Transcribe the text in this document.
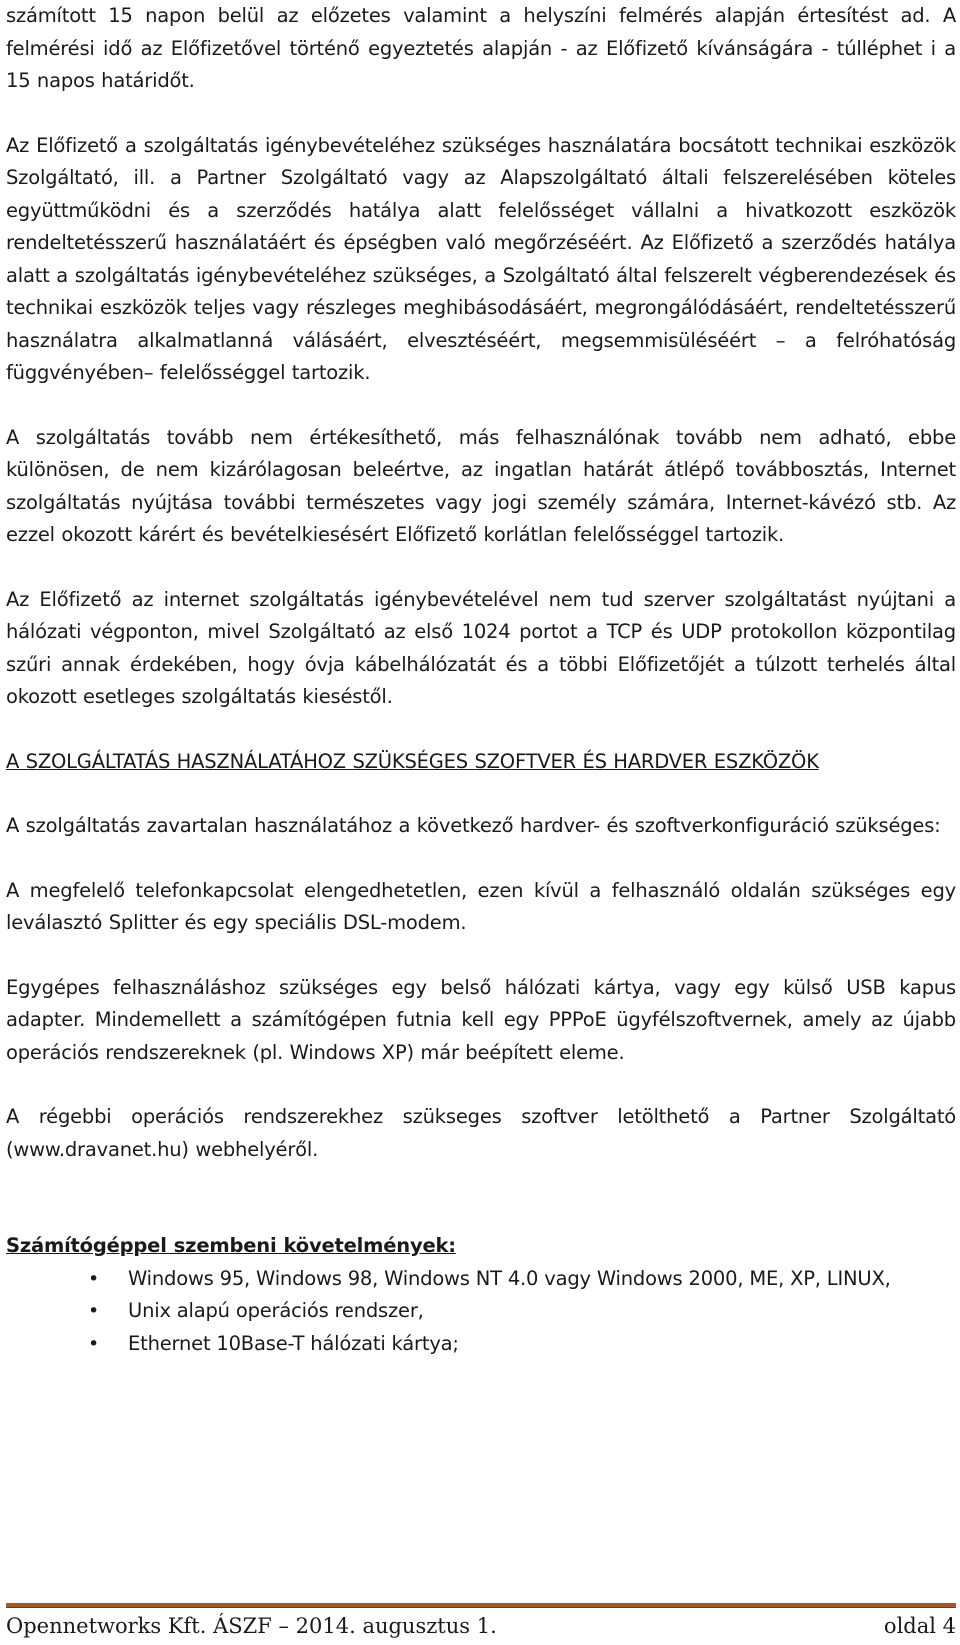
számított 15 napon belül az előzetes valamint a helyszíni felmérés alapján értesítést ad. A felmérési idő az Előfizetővel történő egyeztetés alapján - az Előfizető kívánságára - túlléphet i a 15 napos határidőt.

Az Előfizető a szolgáltatás igénybevételéhez szükséges használatára bocsátott technikai eszközök Szolgáltató, ill. a Partner Szolgáltató vagy az Alapszolgáltató általi felszerelésében köteles együttműködni és a szerződés hatálya alatt felelősséget vállalni a hivatkozott eszközök rendeltetésszerű használatáért és épségben való megőrzéséért. Az Előfizető a szerződés hatálya alatt a szolgáltatás igénybevételéhez szükséges, a Szolgáltató által felszerelt végberendezések és technikai eszközök teljes vagy részleges meghibásodásáért, megrongálódásáért, rendeltetésszerű használatra alkalmatlanná válásáért, elvesztéséért, megsemmisüléséért – a felróhatóság függvényében– felelősséggel tartozik.

A szolgáltatás tovább nem értékesíthető, más felhasználónak tovább nem adható, ebbe különösen, de nem kizárólagosan beleértve, az ingatlan határát átlépő továbbosztás, Internet szolgáltatás nyújtása további természetes vagy jogi személy számára, Internet-kávézó stb. Az ezzel okozott kárért és bevételkiesésért Előfizető korlátlan felelősséggel tartozik.

Az Előfizető az internet szolgáltatás igénybevételével nem tud szerver szolgáltatást nyújtani a hálózati végponton, mivel Szolgáltató az első 1024 portot a TCP és UDP protokollon központilag szűri annak érdekében, hogy óvja kábelhálózatát és a többi Előfizetőjét a túlzott terhelés által okozott esetleges szolgáltatás kieséstől.

A SZOLGÁLTATÁS HASZNÁLATÁHOZ SZÜKSÉGES SZOFTVER ÉS HARDVER ESZKÖZÖK

A szolgáltatás zavartalan használatához a következő hardver- és szoftverkonfiguráció szükséges:

A megfelelő telefonkapcsolat elengedhetetlen, ezen kívül a felhasználó oldalán szükséges egy leválasztó Splitter és egy speciális DSL-modem.

Egygépes felhasználáshoz szükséges egy belső hálózati kártya, vagy egy külső USB kapus adapter. Mindemellett a számítógépen futnia kell egy PPPoE ügyfélszoftvernek, amely az újabb operációs rendszereknek (pl. Windows XP) már beépített eleme.

A régebbi operációs rendszerekhez szükseges szoftver letölthető a Partner Szolgáltató (www.dravanet.hu) webhelyéről.

Számítógéppel szembeni követelmények:

• Windows 95, Windows 98, Windows NT 4.0 vagy Windows 2000, ME, XP, LINUX,
• Unix alapú operációs rendszer,
• Ethernet 10Base-T hálózati kártya;
Opennetworks Kft. ÁSZF – 2014. augusztus 1.	oldal 4
